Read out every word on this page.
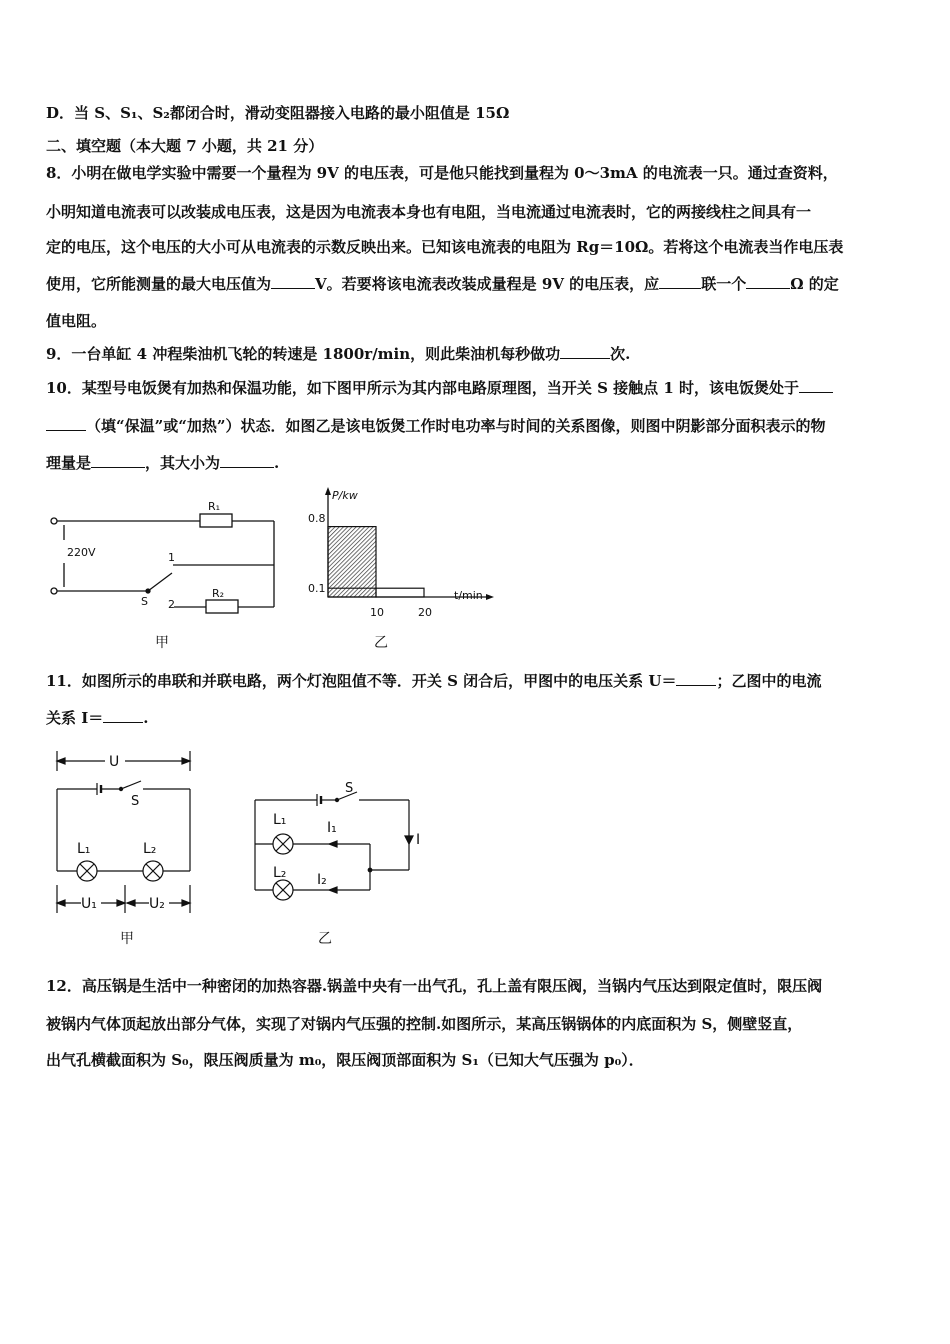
D．当 S、S₁、S₂都闭合时，滑动变阻器接入电路的最小阻值是 15Ω
二、填空题（本大题 7 小题，共 21 分）
8．小明在做电学实验中需要一个量程为 9V 的电压表，可是他只能找到量程为 0～3mA 的电流表一只。通过查资料，
小明知道电流表可以改装成电压表，这是因为电流表本身也有电阻，当电流通过电流表时，它的两接线柱之间具有一
定的电压，这个电压的大小可从电流表的示数反映出来。已知该电流表的电阻为 Rg＝10Ω。若将这个电流表当作电压表
使用，它所能测量的最大电压值为	V。若要将该电流表改装成量程是 9V 的电压表，应	联一个	Ω 的定
值电阻。
9．一台单缸 4 冲程柴油机飞轮的转速是 1800r/min，则此柴油机每秒做功	次.
10．某型号电饭煲有加热和保温功能，如下图甲所示为其内部电路原理图，当开关 S 接触点 1 时，该电饭煲处于
（填“保温”或“加热”）状态．如图乙是该电饭煲工作时电功率与时间的关系图像，则图中阴影部分面积表示的物
理量是	，其大小为	.
220V
R₁
R₂
1
2
S
甲
P/kw
t/min
0.8
0.1
10	20
乙
11．如图所示的串联和并联电路，两个灯泡阻值不等．开关 S 闭合后，甲图中的电压关系 U＝	；乙图中的电流
关系 I＝	.
U
S
L₁	L₂
U₁	U₂
甲
S
L₁	I₁
L₂ I₂
I
乙
12．高压锅是生活中一种密闭的加热容器.锅盖中央有一出气孔，孔上盖有限压阀，当锅内气压达到限定值时，限压阀
被锅内气体顶起放出部分气体，实现了对锅内气压强的控制.如图所示，某高压锅锅体的内底面积为 S，侧壁竖直，
出气孔横截面积为 S₀，限压阀质量为 m₀，限压阀顶部面积为 S₁（已知大气压强为 p₀）．
